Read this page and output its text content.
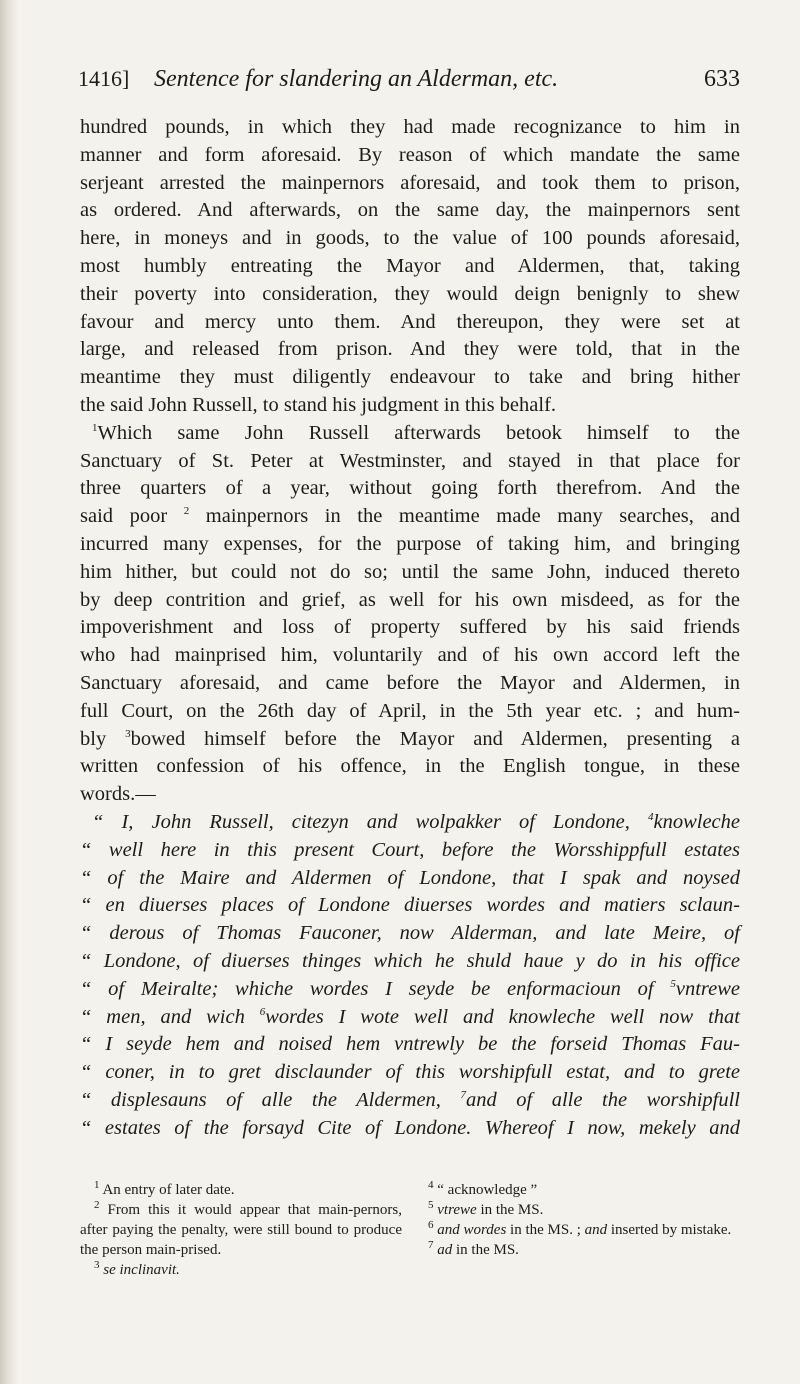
1416] Sentence for slandering an Alderman, etc.	633

hundred pounds, in which they had made recognizance to him in

manner and form aforesaid. By reason of which mandate the same

serjeant arrested the mainpernors aforesaid, and took them to prison,

as ordered. And afterwards, on the same day, the mainpernors sent

here, in moneys and in goods, to the value of 100 pounds aforesaid,

most humbly entreating the Mayor and Aldermen, that, taking

their poverty into consideration, they would deign benignly to shew

favour and mercy unto them. And thereupon, they were set at

large, and released from prison. And they were told, that in the

meantime they must diligently endeavour to take and bring hither

the said John Russell, to stand his judgment in this behalf.

$^1$Which same John Russell afterwards betook himself to the

Sanctuary of St. Peter at Westminster, and stayed in that place for

three quarters of a year, without going forth therefrom. And the

said poor $^2$ mainpernors in the meantime made many searches, and

incurred many expenses, for the purpose of taking him, and bringing

him hither, but could not do so; until the same John, induced thereto

by deep contrition and grief, as well for his own misdeed, as for the

impoverishment and loss of property suffered by his said friends

who had mainprised him, voluntarily and of his own accord left the

Sanctuary aforesaid, and came before the Mayor and Aldermen, in

full Court, on the 26th day of April, in the 5th year etc. ; and hum-

bly $^3$bowed himself before the Mayor and Aldermen, presenting a

written confession of his offence, in the English tongue, in these

words.—

“ I, John Russell, citezyn and wolpakker of Londone, $^4$knowleche

“ well here in this present Court, before the Worsshippfull estates

“ of the Maire and Aldermen of Londone, that I spak and noysed

“ en diuerses places of Londone diuerses wordes and matiers sclaun-

“ derous of Thomas Fauconer, now Alderman, and late Meire, of

“ Londone, of diuerses thinges which he shuld haue y do in his office

“ of Meiralte; whiche wordes I seyde be enformacioun of $^5$vntrewe

“ men, and wich $^6$wordes I wote well and knowleche well now that

“ I seyde hem and noised hem vntrewly be the forseid Thomas Fau-

“ coner, in to gret disclaunder of this worshipfull estat, and to grete

“ displesauns of alle the Aldermen, $^7$and of alle the worshipfull

“ estates of the forsayd Cite of Londone. Whereof I now, mekely and

$^1$ An entry of later date.

$^2$ From this it would appear that main-pernors, after paying the penalty, were still bound to produce the person main-prised.

$^3$ se inclinavit.

$^4$ “ acknowledge ”

$^5$ vtrewe in the MS.

$^6$ and wordes in the MS. ; and inserted by mistake.

$^7$ ad in the MS.
